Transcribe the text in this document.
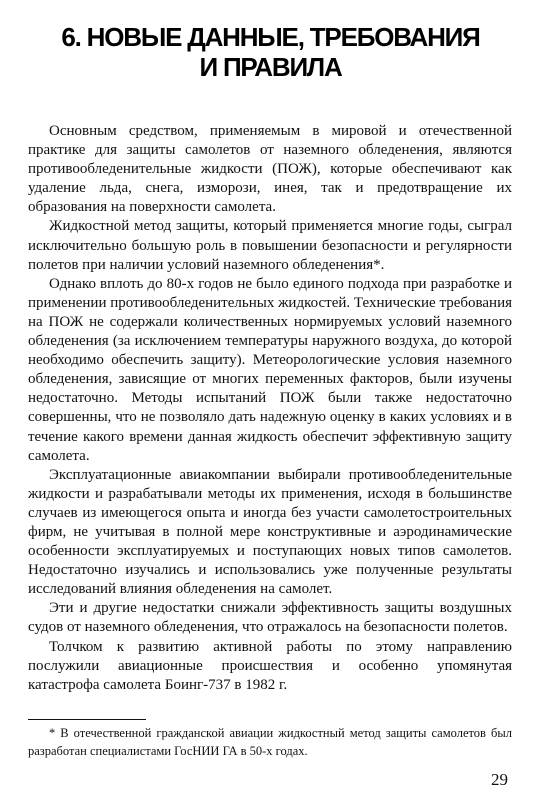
6. НОВЫЕ ДАННЫЕ, ТРЕБОВАНИЯ
И ПРАВИЛА

Основным средством, применяемым в мировой и отечественной практике для защиты самолетов от наземного обледенения, являются противообледенительные жидкости (ПОЖ), которые обеспечивают как удаление льда, снега, изморози, инея, так и предотвращение их образования на поверхности самолета.

Жидкостной метод защиты, который применяется многие годы, сыграл исключительно большую роль в повышении безопасности и регулярности полетов при наличии условий наземного обледенения*.

Однако вплоть до 80-х годов не было единого подхода при разработке и применении противообледенительных жидкостей. Технические требования на ПОЖ не содержали количественных нормируемых условий наземного обледенения (за исключением температуры наружного воздуха, до которой необходимо обеспечить защиту). Метеорологические условия наземного обледенения, зависящие от многих переменных факторов, были изучены недостаточно. Методы испытаний ПОЖ были также недостаточно совершенны, что не позволяло дать надежную оценку в каких условиях и в течение какого времени данная жидкость обеспечит эффективную защиту самолета.

Эксплуатационные авиакомпании выбирали противообледенительные жидкости и разрабатывали методы их применения, исходя в большинстве случаев из имеющегося опыта и иногда без участи самолетостроительных фирм, не учитывая в полной мере конструктивные и аэродинамические особенности эксплуатируемых и поступающих новых типов самолетов. Недостаточно изучались и использовались уже полученные результаты исследований влияния обледенения на самолет.

Эти и другие недостатки снижали эффективность защиты воздушных судов от наземного обледенения, что отражалось на безопасности полетов.

Толчком к развитию активной работы по этому направлению послужили авиационные происшествия и особенно упомянутая катастрофа самолета Боинг-737 в 1982 г.

* В отечественной гражданской авиации жидкостный метод защиты самолетов был разработан специалистами ГосНИИ ГА в 50-х годах.

29
